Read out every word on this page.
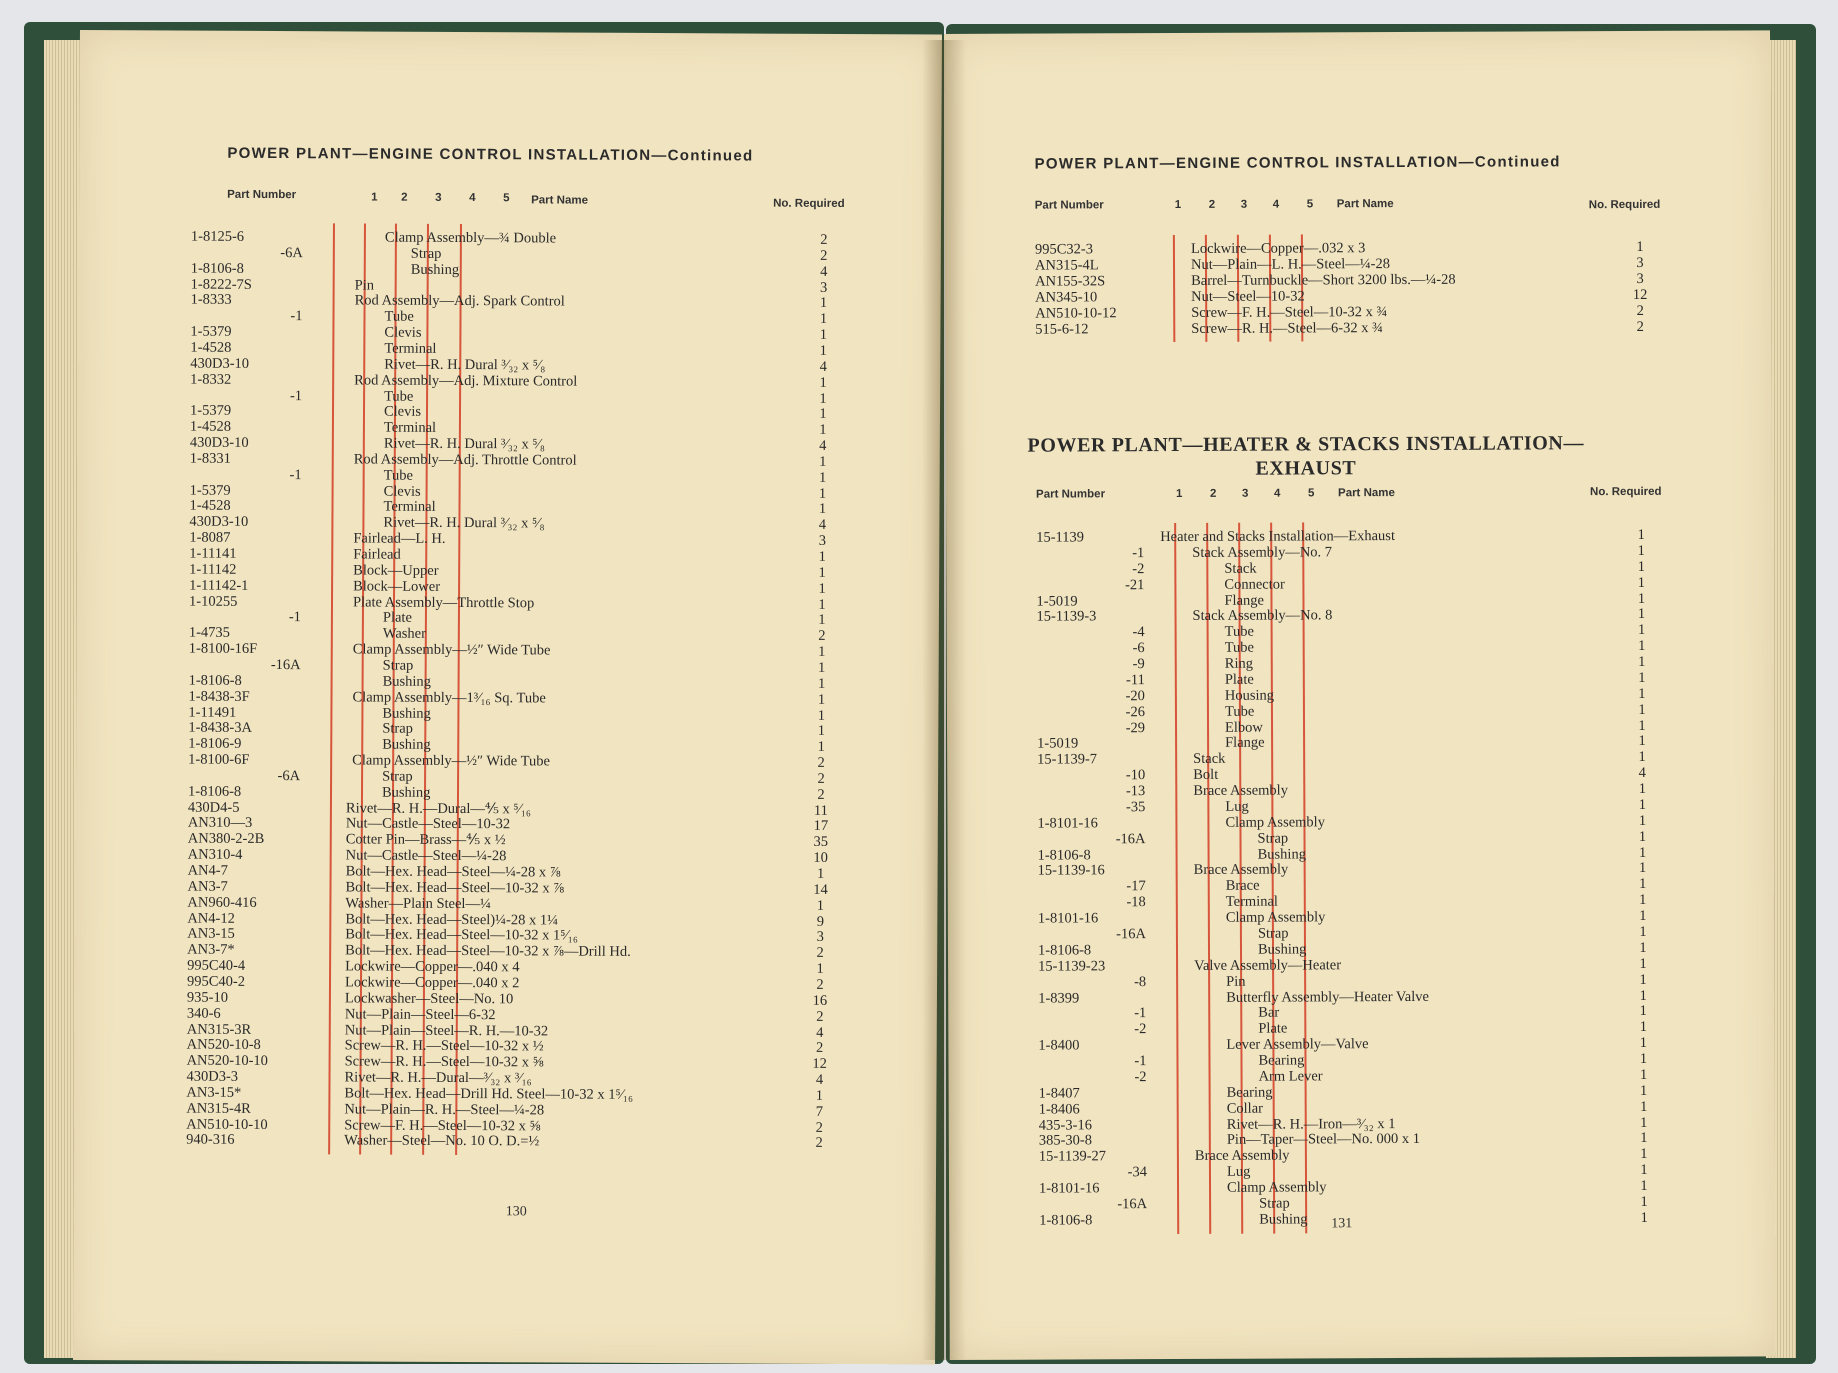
POWER PLANT—ENGINE CONTROL INSTALLATION—Continued
Part Number	1 2 3 4 5 Part Name	No. Required
130
1-8125-6	Clamp Assembly—¾ Double	2
-6A	Strap	2
1-8106-8	Bushing	4
1-8222-7S	Pin	3
1-8333	Rod Assembly—Adj. Spark Control	1
-1	Tube	1
1-5379	Clevis	1
1-4528	Terminal	1
430D3-10	Rivet—R. H. Dural ³⁄₃₂ x ⁵⁄₈	4
1-8332	Rod Assembly—Adj. Mixture Control	1
-1	Tube	1
1-5379	Clevis	1
1-4528	Terminal	1
430D3-10	Rivet—R. H. Dural ³⁄₃₂ x ⁵⁄₈	4
1-8331	Rod Assembly—Adj. Throttle Control	1
-1	Tube	1
1-5379	Clevis	1
1-4528	Terminal	1
430D3-10	Rivet—R. H. Dural ³⁄₃₂ x ⁵⁄₈	4
1-8087	Fairlead—L. H.	3
1-11141	Fairlead	1
1-11142	Block—Upper	1
1-11142-1	Block—Lower	1
1-10255	Plate Assembly—Throttle Stop	1
-1	Plate	1
1-4735	Washer	2
1-8100-16F	Clamp Assembly—½″ Wide Tube	1
-16A	Strap	1
1-8106-8	Bushing	1
1-8438-3F	Clamp Assembly—1³⁄₁₆ Sq. Tube	1
1-11491	Bushing	1
1-8438-3A	Strap	1
1-8106-9	Bushing	1
1-8100-6F	Clamp Assembly—½″ Wide Tube	2
-6A	Strap	2
1-8106-8	Bushing	2
430D4-5	Rivet—R. H.—Dural—⅘ x ⁵⁄₁₆	11
AN310—3	Nut—Castle—Steel—10-32	17
AN380-2-2B	Cotter Pin—Brass—⅘ x ½	35
AN310-4	Nut—Castle—Steel—¼-28	10
AN4-7	Bolt—Hex. Head—Steel—¼-28 x ⅞	1
AN3-7	Bolt—Hex. Head—Steel—10-32 x ⅞	14
AN960-416	Washer—Plain Steel—¼	1
AN4-12	Bolt—Hex. Head—Steel)¼-28 x 1¼	9
AN3-15	Bolt—Hex. Head—Steel—10-32 x 1⁵⁄₁₆	3
AN3-7*	Bolt—Hex. Head—Steel—10-32 x ⅞—Drill Hd.	2
995C40-4	Lockwire—Copper—.040 x 4	1
995C40-2	Lockwire—Copper—.040 x 2	2
935-10	Lockwasher—Steel—No. 10	16
340-6	Nut—Plain—Steel—6-32	2
AN315-3R	Nut—Plain—Steel—R. H.—10-32	4
AN520-10-8	Screw—R. H.—Steel—10-32 x ½	2
AN520-10-10	Screw—R. H.—Steel—10-32 x ⅝	12
430D3-3	Rivet—R. H.—Dural—³⁄₃₂ x ³⁄₁₆	4
AN3-15*	Bolt—Hex. Head—Drill Hd. Steel—10-32 x 1⁵⁄₁₆	1
AN315-4R	Nut—Plain—R. H.—Steel—¼-28	7
AN510-10-10	Screw—F. H.—Steel—10-32 x ⅝	2
940-316	Washer—Steel—No. 10 O. D.=½	2
POWER PLANT—ENGINE CONTROL INSTALLATION—Continued
Part Number	1 2 3 4 5 Part Name	No. Required
POWER PLANT—HEATER & STACKS INSTALLATION—
EXHAUST
Part Number	1 2 3 4 5 Part Name	No. Required
131
995C32-3	Lockwire—Copper—.032 x 3	1
AN315-4L	Nut—Plain—L. H.—Steel—¼-28	3
AN155-32S	Barrel—Turnbuckle—Short 3200 lbs.—¼-28	3
AN345-10	Nut—Steel—10-32	12
AN510-10-12	Screw—F. H.—Steel—10-32 x ¾	2
515-6-12	Screw—R. H.—Steel—6-32 x ¾	2
15-1139	Heater and Stacks Installation—Exhaust	1
-1	Stack Assembly—No. 7	1
-2	Stack	1
-21	Connector	1
1-5019	Flange	1
15-1139-3	Stack Assembly—No. 8	1
-4	Tube	1
-6	Tube	1
-9	Ring	1
-11	Plate	1
-20	Housing	1
-26	Tube	1
-29	Elbow	1
1-5019	Flange	1
15-1139-7	Stack	1
-10	Bolt	4
-13	Brace Assembly	1
-35	Lug	1
1-8101-16	Clamp Assembly	1
-16A	Strap	1
1-8106-8	Bushing	1
15-1139-16	Brace Assembly	1
-17	Brace	1
-18	Terminal	1
1-8101-16	Clamp Assembly	1
-16A	Strap	1
1-8106-8	Bushing	1
15-1139-23	Valve Assembly—Heater	1
-8	Pin	1
1-8399	Butterfly Assembly—Heater Valve	1
-1	Bar	1
-2	Plate	1
1-8400	Lever Assembly—Valve	1
-1	Bearing	1
-2	Arm Lever	1
1-8407	Bearing	1
1-8406	Collar	1
435-3-16	Rivet—R. H.—Iron—³⁄₃₂ x 1	1
385-30-8	Pin—Taper—Steel—No. 000 x 1	1
15-1139-27	Brace Assembly	1
-34	Lug	1
1-8101-16	Clamp Assembly	1
-16A	Strap	1
1-8106-8	Bushing	1
